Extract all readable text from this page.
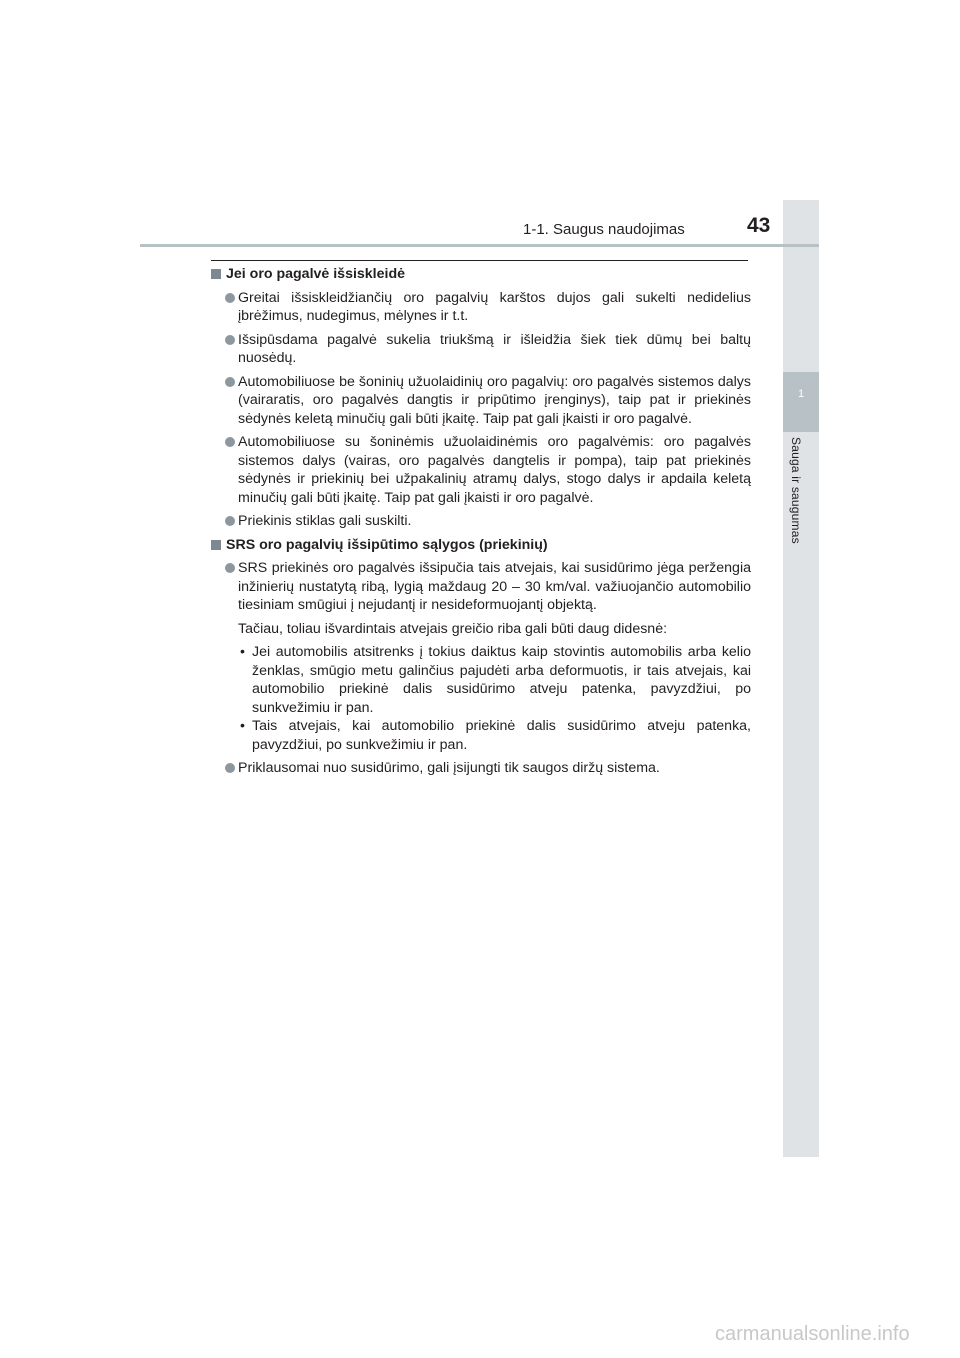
1
Sauga ir saugumas
1-1. Saugus naudojimas	43
Jei oro pagalvė išsiskleidė
Greitai išsiskleidžiančių oro pagalvių karštos dujos gali sukelti nedidelius įbrėžimus, nudegimus, mėlynes ir t.t.
Išsipūsdama pagalvė sukelia triukšmą ir išleidžia šiek tiek dūmų bei baltų nuosėdų.
Automobiliuose be šoninių užuolaidinių oro pagalvių: oro pagalvės sistemos dalys (vairaratis, oro pagalvės dangtis ir pripūtimo įrenginys), taip pat ir priekinės sėdynės keletą minučių gali būti įkaitę. Taip pat gali įkaisti ir oro pagalvė.
Automobiliuose su šoninėmis užuolaidinėmis oro pagalvėmis: oro pagalvės sistemos dalys (vairas, oro pagalvės dangtelis ir pompa), taip pat priekinės sėdynės ir priekinių bei užpakalinių atramų dalys, stogo dalys ir apdaila keletą minučių gali būti įkaitę. Taip pat gali įkaisti ir oro pagalvė.
Priekinis stiklas gali suskilti.
SRS oro pagalvių išsipūtimo sąlygos (priekinių)
SRS priekinės oro pagalvės išsipučia tais atvejais, kai susidūrimo jėga peržengia inžinierių nustatytą ribą, lygią maždaug 20 – 30 km/val. važiuojančio automobilio tiesiniam smūgiui į nejudantį ir nesideformuojantį objektą.
Tačiau, toliau išvardintais atvejais greičio riba gali būti daug didesnė:
• Jei automobilis atsitrenks į tokius daiktus kaip stovintis automobilis arba kelio ženklas, smūgio metu galinčius pajudėti arba deformuotis, ir tais atvejais, kai automobilio priekinė dalis susidūrimo atveju patenka, pavyzdžiui, po sunkvežimiu ir pan.
• Tais atvejais, kai automobilio priekinė dalis susidūrimo atveju patenka, pavyzdžiui, po sunkvežimiu ir pan.
Priklausomai nuo susidūrimo, gali įsijungti tik saugos diržų sistema.
carmanualsonline.info
